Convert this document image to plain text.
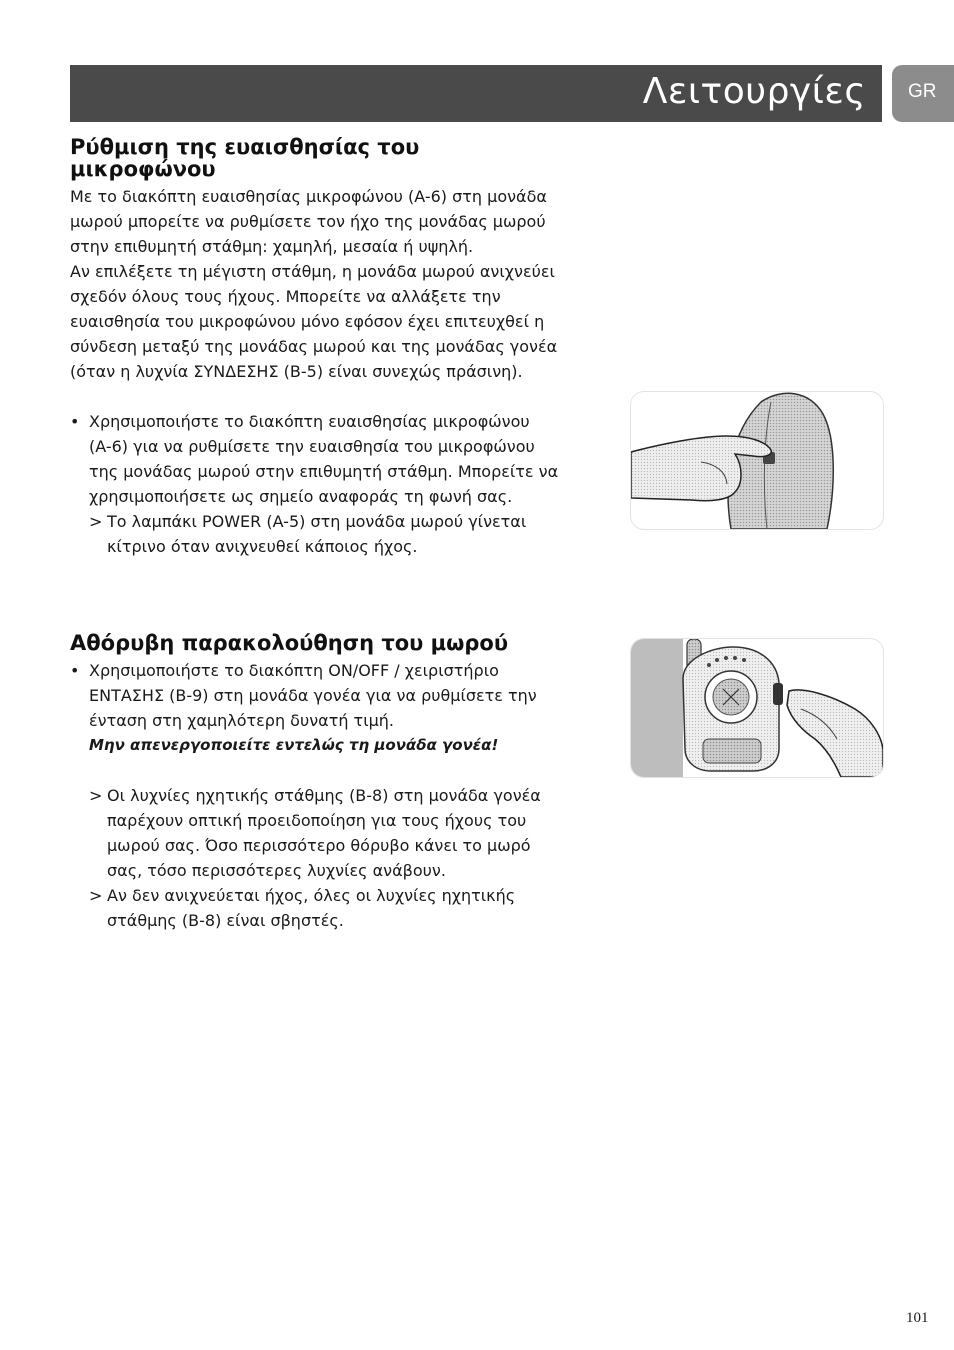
Λειτουργίες GR
Ρύθμιση της ευαισθησίας του μικροφώνου

Με το διακόπτη ευαισθησίας μικροφώνου (A-6) στη μονάδα

μωρού μπορείτε να ρυθμίσετε τον ήχο της μονάδας μωρού

στην επιθυμητή στάθμη: χαμηλή, μεσαία ή υψηλή.

Αν επιλέξετε τη μέγιστη στάθμη, η μονάδα μωρού ανιχνεύει

σχεδόν όλους τους ήχους. Μπορείτε να αλλάξετε την

ευαισθησία του μικροφώνου μόνο εφόσον έχει επιτευχθεί η

σύνδεση μεταξύ της μονάδας μωρού και της μονάδας γονέα

(όταν η λυχνία ΣΥΝΔΕΣΗΣ (B-5) είναι συνεχώς πράσινη).

• Χρησιμοποιήστε το διακόπτη ευαισθησίας μικροφώνου

(A-6) για να ρυθμίσετε την ευαισθησία του μικροφώνου

της μονάδας μωρού στην επιθυμητή στάθμη. Μπορείτε να

χρησιμοποιήσετε ως σημείο αναφοράς τη φωνή σας.

> Το λαμπάκι POWER (A-5) στη μονάδα μωρού γίνεται

κίτρινο όταν ανιχνευθεί κάποιος ήχος.

Αθόρυβη παρακολούθηση του μωρού
• Χρησιμοποιήστε το διακόπτη ON/OFF / χειριστήριο

ΕΝΤΑΣΗΣ (B-9) στη μονάδα γονέα για να ρυθμίσετε την

ένταση στη χαμηλότερη δυνατή τιμή.

Μην απενεργοποιείτε εντελώς τη μονάδα γονέα!

> Οι λυχνίες ηχητικής στάθμης (B-8) στη μονάδα γονέα

παρέχουν οπτική προειδοποίηση για τους ήχους του

μωρού σας. Όσο περισσότερο θόρυβο κάνει το μωρό

σας, τόσο περισσότερες λυχνίες ανάβουν.

> Αν δεν ανιχνεύεται ήχος, όλες οι λυχνίες ηχητικής

στάθμης (B-8) είναι σβηστές.

101
